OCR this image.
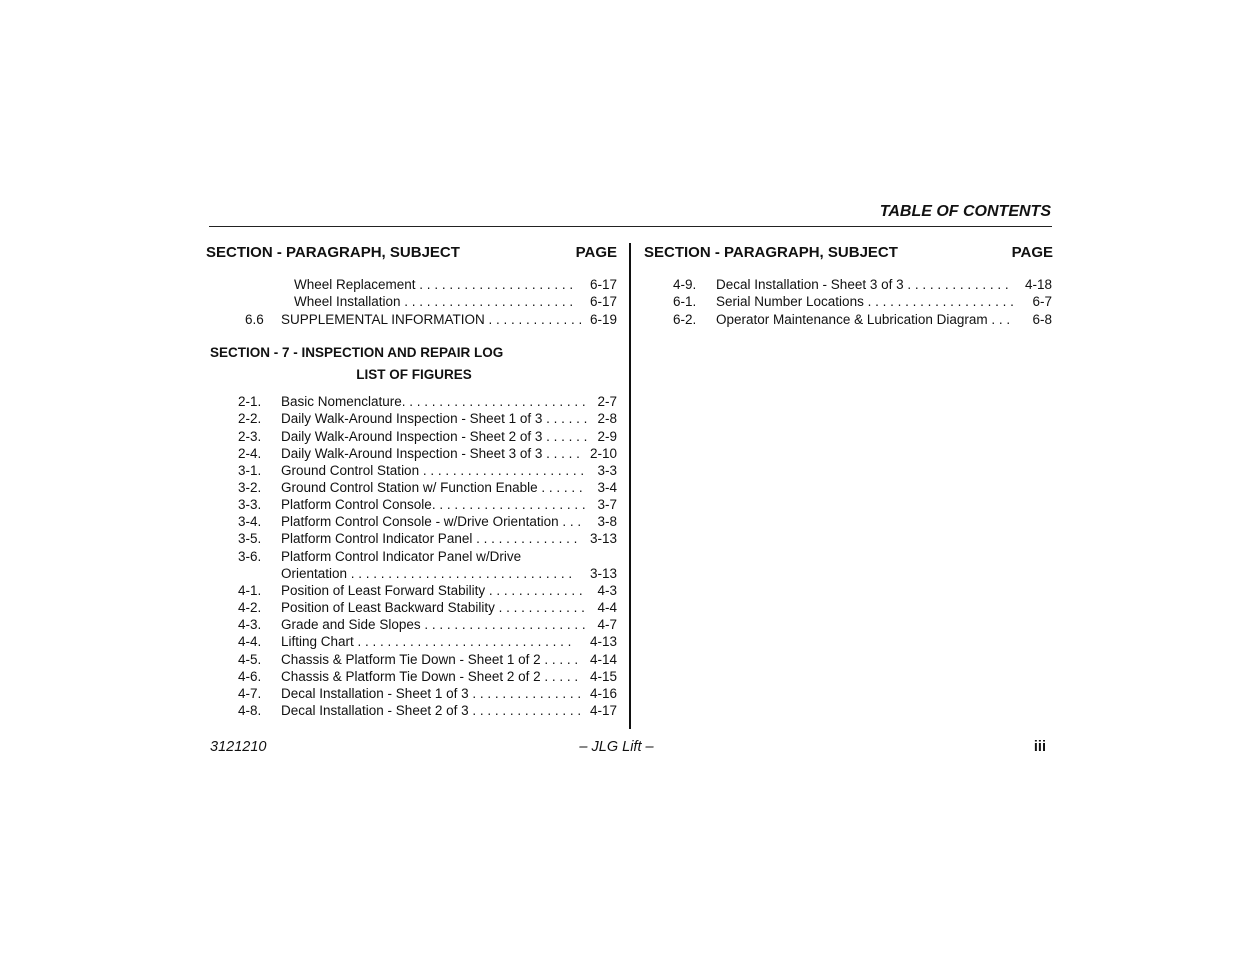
TABLE OF CONTENTS
SECTION - PARAGRAPH, SUBJECT	PAGE SECTION - PARAGRAPH, SUBJECT	PAGE
Wheel Replacement . . . . . . . . . . . . . . . . . . . . .	6-17
Wheel Installation . . . . . . . . . . . . . . . . . . . . . . .	6-17
6.6 SUPPLEMENTAL INFORMATION . . . . . . . . . . . . . 6-19
SECTION - 7 - INSPECTION AND REPAIR LOG
LIST OF FIGURES
2-1. Basic Nomenclature. . . . . . . . . . . . . . . . . . . . . . . . . 2-7
2-2. Daily Walk-Around Inspection - Sheet 1 of 3 . . . . . . 2-8
2-3. Daily Walk-Around Inspection - Sheet 2 of 3 . . . . . . 2-9
2-4. Daily Walk-Around Inspection - Sheet 3 of 3 . . . . . 2-10
3-1. Ground Control Station . . . . . . . . . . . . . . . . . . . . . . 3-3
3-2. Ground Control Station w/ Function Enable . . . . . .	3-4
3-3. Platform Control Console. . . . . . . . . . . . . . . . . . . . . 3-7
3-4. Platform Control Console - w/Drive Orientation . . .	3-8
3-5. Platform Control Indicator Panel . . . . . . . . . . . . . . 3-13
3-6. Platform Control Indicator Panel w/Drive
Orientation . . . . . . . . . . . . . . . . . . . . . . . . . . . . . .	3-13
4-1. Position of Least Forward Stability . . . . . . . . . . . . .	4-3
4-2. Position of Least Backward Stability . . . . . . . . . . . . 4-4
4-3. Grade and Side Slopes . . . . . . . . . . . . . . . . . . . . . . 4-7
4-4. Lifting Chart . . . . . . . . . . . . . . . . . . . . . . . . . . . . .	4-13
4-5. Chassis & Platform Tie Down - Sheet 1 of 2 . . . . . 4-14
4-6. Chassis & Platform Tie Down - Sheet 2 of 2 . . . . . 4-15
4-7. Decal Installation - Sheet 1 of 3 . . . . . . . . . . . . . . . 4-16
4-8. Decal Installation - Sheet 2 of 3 . . . . . . . . . . . . . . . 4-17
4-9. Decal Installation - Sheet 3 of 3 . . . . . . . . . . . . . .	4-18
6-1. Serial Number Locations . . . . . . . . . . . . . . . . . . . .	6-7
6-2. Operator Maintenance & Lubrication Diagram . . .	6-8
3121210	– JLG Lift –	iii
